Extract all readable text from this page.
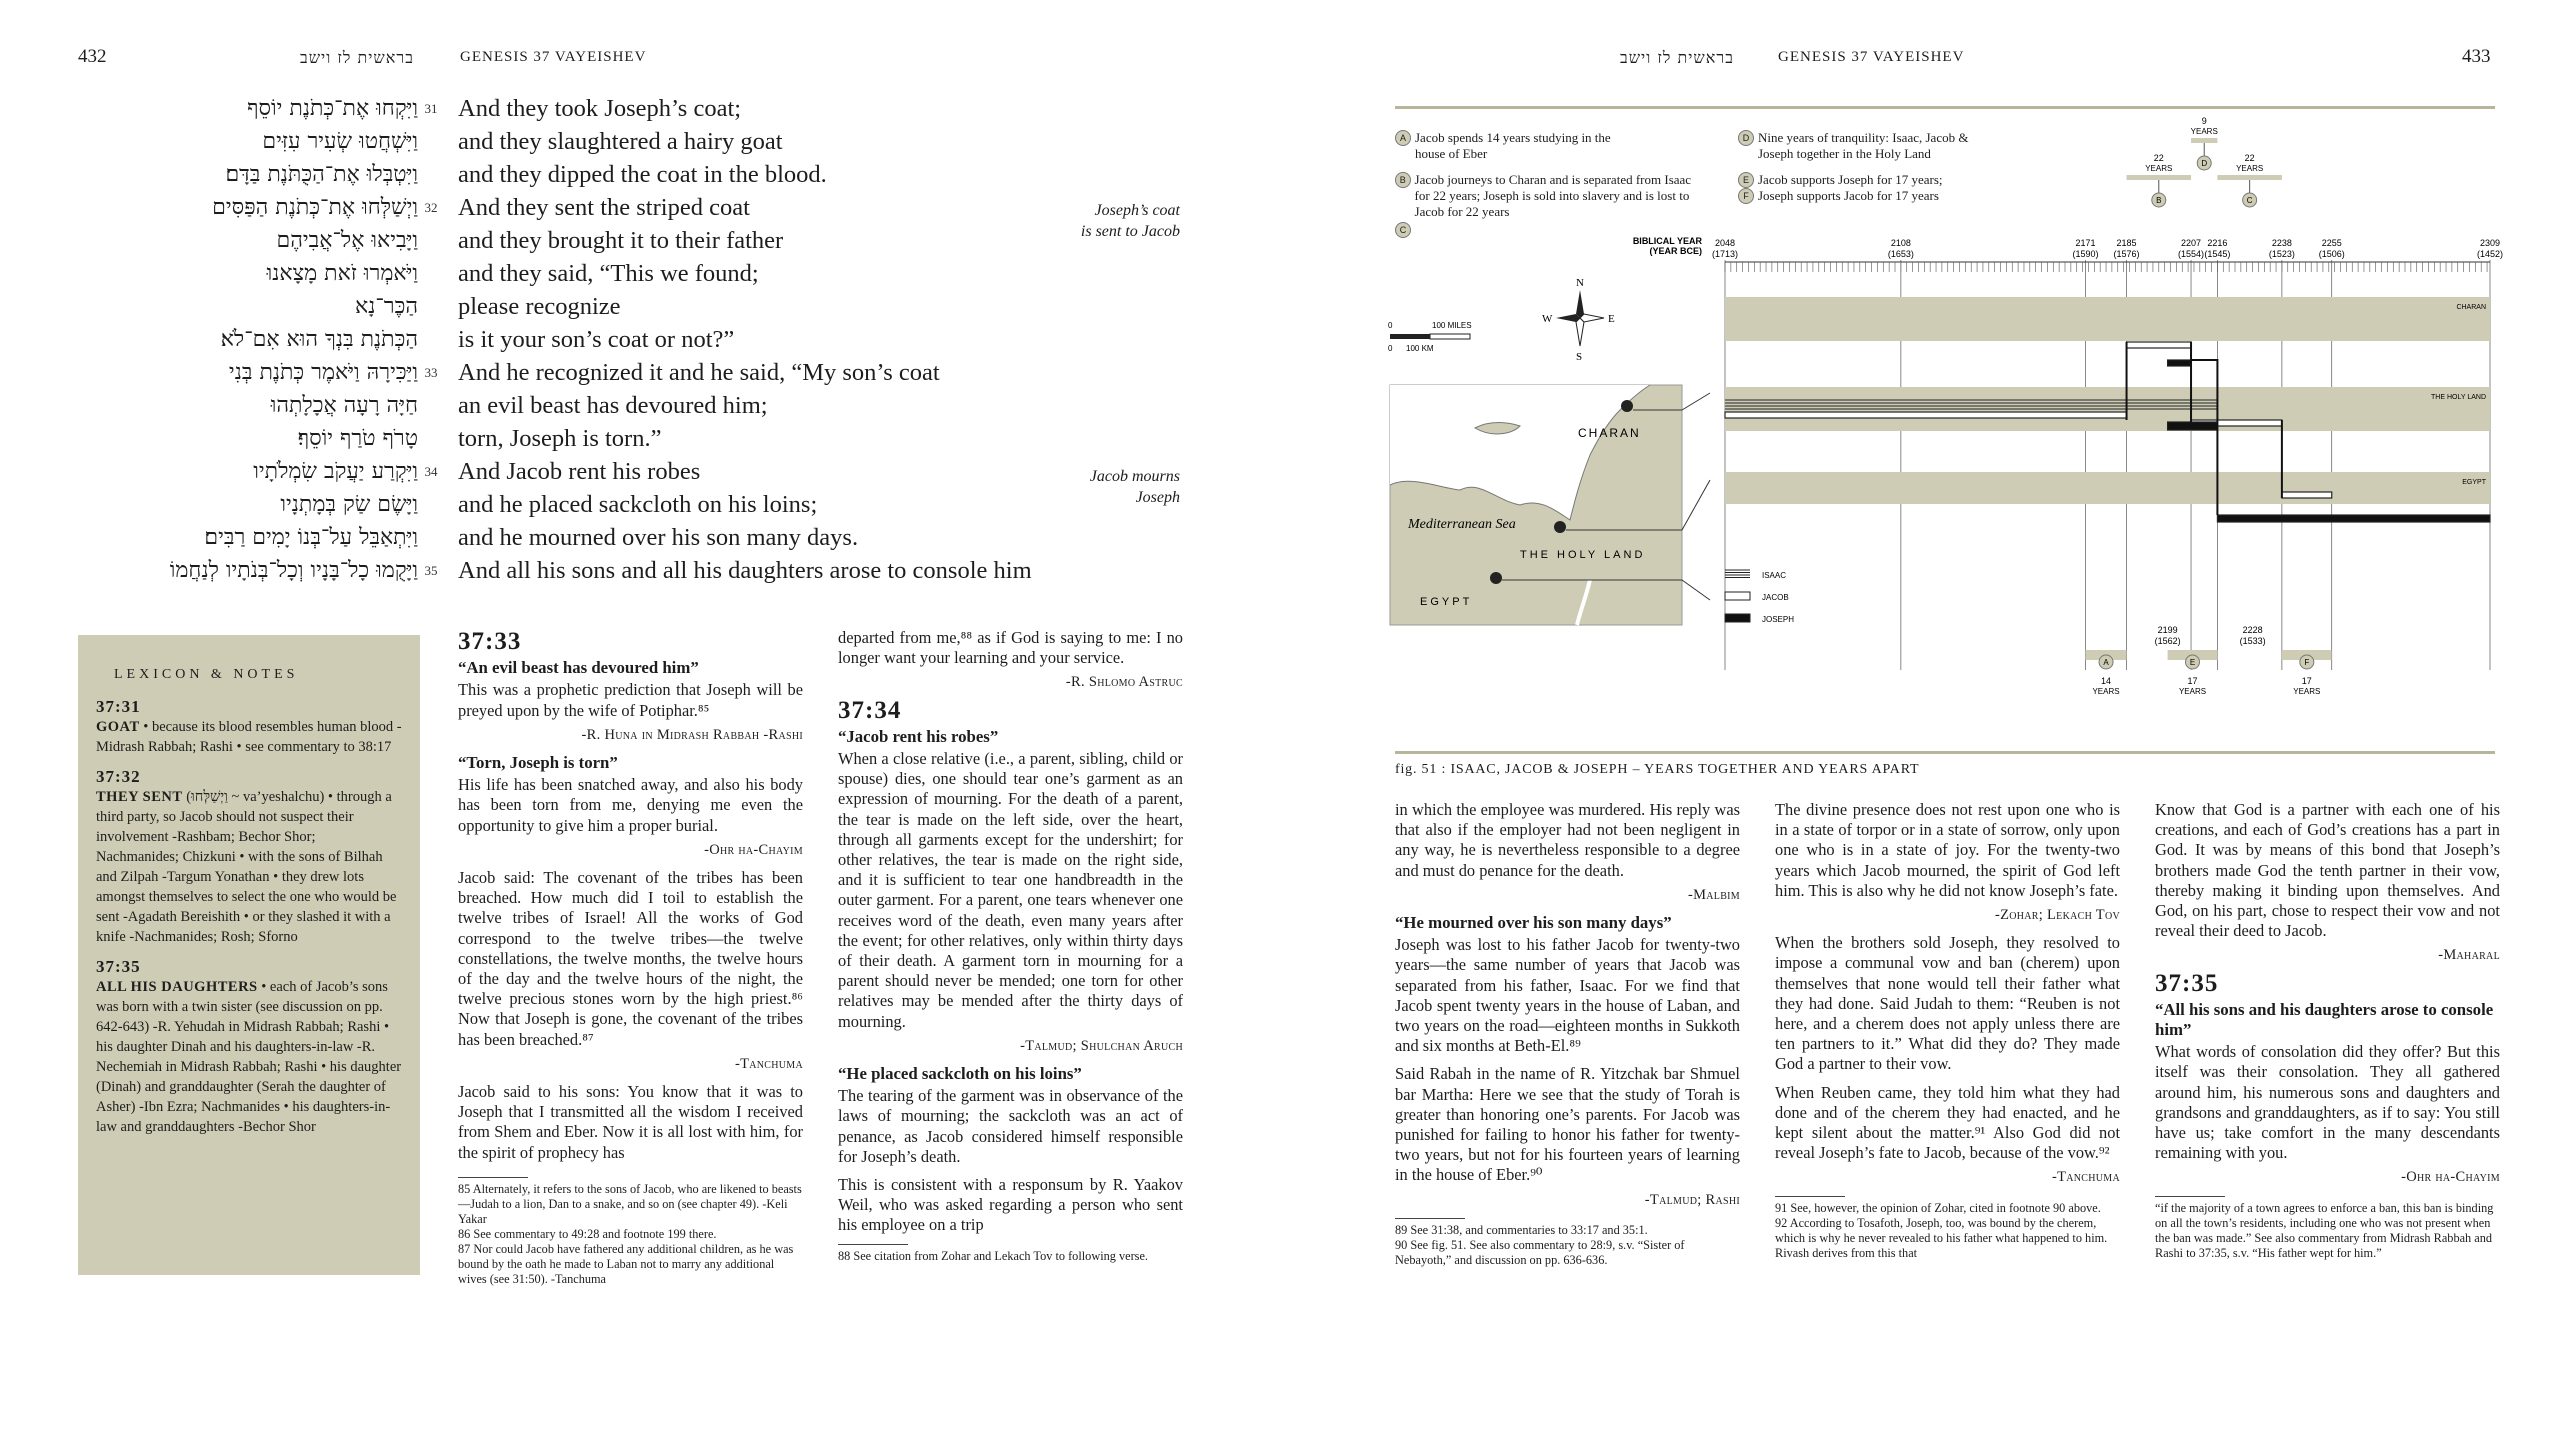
432	בראשית לז וישב	GENESIS 37 VAYEISHEV
וַיִּקְחוּ אֶת־כְּתֹנֶת יוֹסֵף 31 And they took Joseph’s coat;
וַיִּשְׁחֲטוּ שְׂעִיר עִזִּים and they slaughtered a hairy goat
וַיִּטְבְּלוּ אֶת־הַכֻּתֹּנֶת בַּדָּם׃ and they dipped the coat in the blood.
וַיְשַׁלְּחוּ אֶת־כְּתֹנֶת הַפַּסִּים 32 And they sent the striped coat
וַיָּבִיאוּ אֶל־אֲבִיהֶם and they brought it to their father
וַיֹּאמְרוּ זֹאת מָצָאנוּ and they said, “This we found;
הַכֶּר־נָא please recognize
הַכְּתֹנֶת בִּנְךָ הוּא אִם־לֹא׃ is it your son’s coat or not?”
וַיַּכִּירָהּ וַיֹּאמֶר כְּתֹנֶת בְּנִי 33 And he recognized it and he said, “My son’s coat
חַיָּה רָעָה אֲכָלָתְהוּ an evil beast has devoured him;
טָרֹף טֹרַף יוֹסֵף׃ torn, Joseph is torn.”
וַיִּקְרַע יַעֲקֹב שִׂמְלֹתָיו 34 And Jacob rent his robes
וַיָּשֶׂם שַׂק בְּמָתְנָיו and he placed sackcloth on his loins;
וַיִּתְאַבֵּל עַל־בְּנוֹ יָמִים רַבִּים׃ and he mourned over his son many days.
וַיָּקֻמוּ כָל־בָּנָיו וְכָל־בְּנֹתָיו לְנַחֲמוֹ 35 And all his sons and all his daughters arose to console him
Joseph’s coat
is sent to Jacob
Jacob mourns
Joseph
LEXICON & NOTES
37:31
GOAT • because its blood resembles human blood -Midrash Rabbah; Rashi • see commentary to 38:17
37:32
THEY SENT (וַיְשַׁלְּחוּ ~ va’yeshalchu) • through a third party, so Jacob should not suspect their involvement -Rashbam; Bechor Shor; Nachmanides; Chizkuni • with the sons of Bilhah and Zilpah -Targum Yonathan • they drew lots amongst themselves to select the one who would be sent -Agadath Bereishith • or they slashed it with a knife -Nachmanides; Rosh; Sforno
37:35
ALL HIS DAUGHTERS • each of Jacob’s sons was born with a twin sister (see discussion on pp. 642-643) -R. Yehudah in Midrash Rabbah; Rashi • his daughter Dinah and his daughters-in-law -R. Nechemiah in Midrash Rabbah; Rashi • his daughter (Dinah) and granddaughter (Serah the daughter of Asher) -Ibn Ezra; Nachmanides • his daughters-in-law and granddaughters -Bechor Shor
37:33
“An evil beast has devoured him”

This was a prophetic prediction that Joseph will be preyed upon by the wife of Potiphar.⁸⁵

-R. Huna in Midrash Rabbah -Rashi
“Torn, Joseph is torn”

His life has been snatched away, and also his body has been torn from me, denying me even the opportunity to give him a proper burial.

-Ohr ha-Chayim

Jacob said: The covenant of the tribes has been breached. How much did I toil to establish the twelve tribes of Israel! All the works of God correspond to the twelve tribes—the twelve constellations, the twelve months, the twelve hours of the day and the twelve hours of the night, the twelve precious stones worn by the high priest.⁸⁶ Now that Joseph is gone, the covenant of the tribes has been breached.⁸⁷

-Tanchuma

Jacob said to his sons: You know that it was to Joseph that I transmitted all the wisdom I received from Shem and Eber. Now it is all lost with him, for the spirit of prophecy has

85 Alternately, it refers to the sons of Jacob, who are likened to beasts—Judah to a lion, Dan to a snake, and so on (see chapter 49). -Keli Yakar
86 See commentary to 49:28 and footnote 199 there.
87 Nor could Jacob have fathered any additional children, as he was bound by the oath he made to Laban not to marry any additional wives (see 31:50). -Tanchuma

departed from me,⁸⁸ as if God is saying to me: I no longer want your learning and your service.

-R. Shlomo Astruc
37:34
“Jacob rent his robes”

When a close relative (i.e., a parent, sibling, child or spouse) dies, one should tear one’s garment as an expression of mourning. For the death of a parent, the tear is made on the left side, over the heart, through all garments except for the undershirt; for other relatives, the tear is made on the right side, and it is sufficient to tear one handbreadth in the outer garment. For a parent, one tears whenever one receives word of the death, even many years after the event; for other relatives, only within thirty days of their death. A garment torn in mourning for a parent should never be mended; one torn for other relatives may be mended after the thirty days of mourning.

-Talmud; Shulchan Aruch
“He placed sackcloth on his loins”

The tearing of the garment was in observance of the laws of mourning; the sackcloth was an act of penance, as Jacob considered himself responsible for Joseph’s death.

This is consistent with a responsum by R. Yaakov Weil, who was asked regarding a person who sent his employee on a trip

88 See citation from Zohar and Lekach Tov to following verse.
בראשית לז וישב	GENESIS 37 VAYEISHEV	433
A Jacob spends 14 years studying in the house of Eber
B Jacob journeys to Charan and is separated from Isaac for 22 years; Joseph is sold into slavery and is lost to Jacob for 22 years
C
D Nine years of tranquility: Isaac, Jacob & Joseph together in the Holy Land
E Jacob supports Joseph for 17 years;
F Joseph supports Jacob for 17 years
CHARAN
Mediterranean Sea
THE HOLY LAND
EGYPT
0	100 MILES
0 100 KM
N
S
E
W
BIBLICAL YEAR
(YEAR BCE)
2048
(1713)
2108
(1653)
2171
(1590)
2185
(1576)
2207
(1554)
2216
(1545)
2238
(1523)
2255
(1506)
2309
(1452)
CHARAN
THE HOLY LAND
EGYPT
9
YEARS
D
22
YEARS
B
22
YEARS
C
A
14
YEARS
E
17
YEARS
F
17
YEARS
2199
(1562)
2228
(1533)
ISAAC
JACOB
JOSEPH
fig. 51 : ISAAC, JACOB & JOSEPH – YEARS TOGETHER AND YEARS APART

in which the employee was murdered. His reply was that also if the employer had not been negligent in any way, he is nevertheless responsible to a degree and must do penance for the death.

-Malbim
“He mourned over his son many days”

Joseph was lost to his father Jacob for twenty-two years—the same number of years that Jacob was separated from his father, Isaac. For we find that Jacob spent twenty years in the house of Laban, and two years on the road—eighteen months in Sukkoth and six months at Beth-El.⁸⁹

Said Rabah in the name of R. Yitzchak bar Shmuel bar Martha: Here we see that the study of Torah is greater than honoring one’s parents. For Jacob was punished for failing to honor his father for twenty-two years, but not for his fourteen years of learning in the house of Eber.⁹⁰

-Talmud; Rashi
89 See 31:38, and commentaries to 33:17 and 35:1.
90 See fig. 51. See also commentary to 28:9, s.v. “Sister of Nebayoth,” and discussion on pp. 636-636.

The divine presence does not rest upon one who is in a state of torpor or in a state of sorrow, only upon one who is in a state of joy. For the twenty-two years which Jacob mourned, the spirit of God left him. This is also why he did not know Joseph’s fate.

-Zohar; Lekach Tov

When the brothers sold Joseph, they resolved to impose a communal vow and ban (cherem) upon themselves that none would tell their father what they had done. Said Judah to them: “Reuben is not here, and a cherem does not apply unless there are ten partners to it.” What did they do? They made God a partner to their vow.

When Reuben came, they told him what they had done and of the cherem they had enacted, and he kept silent about the matter.⁹¹ Also God did not reveal Joseph’s fate to Jacob, because of the vow.⁹²

-Tanchuma
91 See, however, the opinion of Zohar, cited in footnote 90 above.
92 According to Tosafoth, Joseph, too, was bound by the cherem, which is why he never revealed to his father what happened to him. Rivash derives from this that

Know that God is a partner with each one of his creations, and each of God’s creations has a part in God. It was by means of this bond that Joseph’s brothers made God the tenth partner in their vow, thereby making it binding upon themselves. And God, on his part, chose to respect their vow and not reveal their deed to Jacob.

-Maharal
37:35
“All his sons and his daughters arose to console him”

What words of consolation did they offer? But this itself was their consolation. They all gathered around him, his numerous sons and daughters and grandsons and granddaughters, as if to say: You still have us; take comfort in the many descendants remaining with you.

-Ohr ha-Chayim
“if the majority of a town agrees to enforce a ban, this ban is binding on all the town’s residents, including one who was not present when the ban was made.” See also commentary from Midrash Rabbah and Rashi to 37:35, s.v. “His father wept for him.”
